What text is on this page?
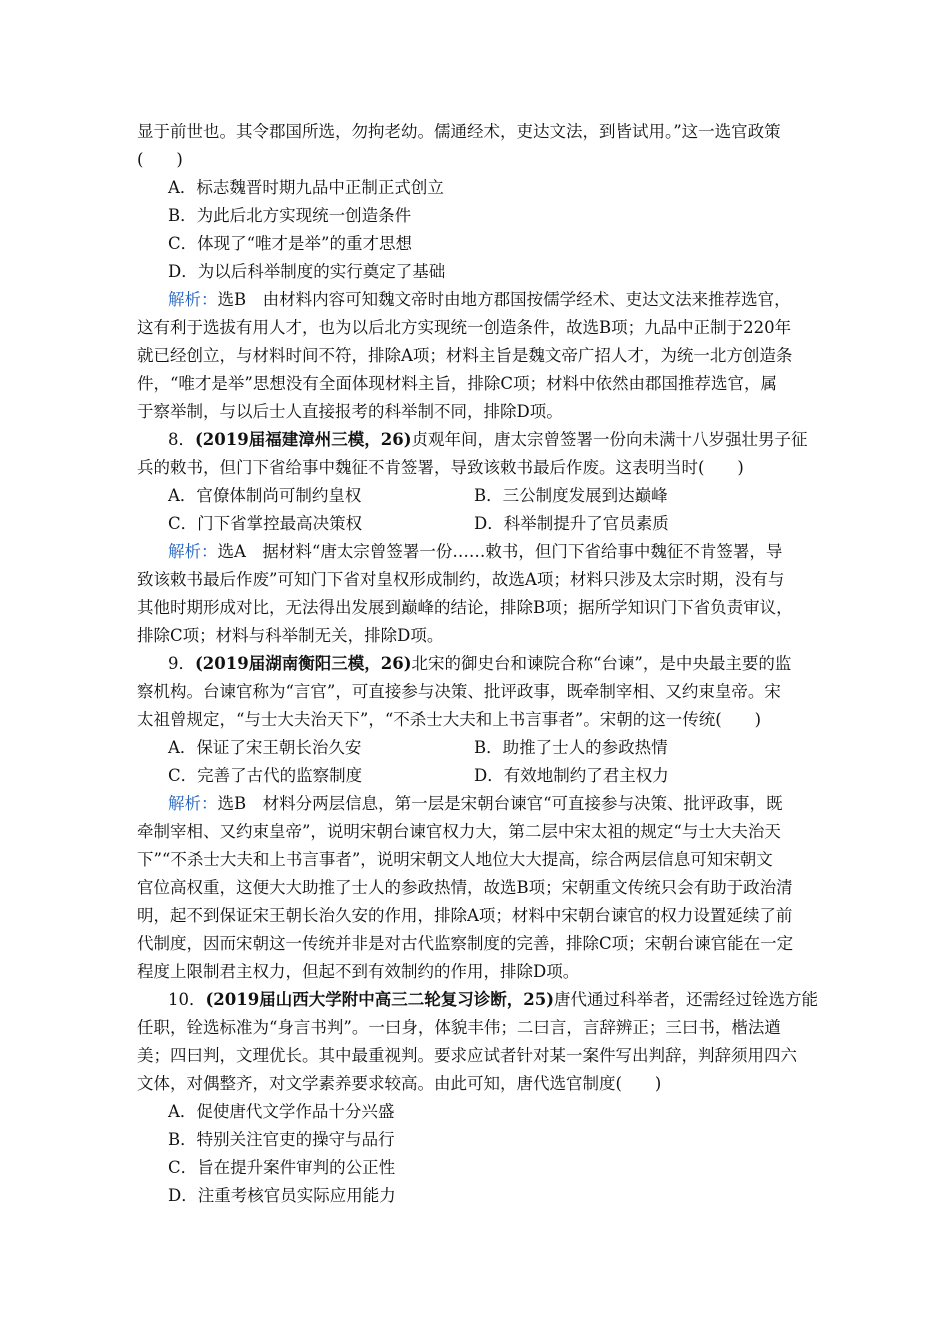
显于前世也。其令郡国所选，勿拘老幼。儒通经术，吏达文法，到皆试用。”这一选官政策
(　　)
A．标志魏晋时期九品中正制正式创立
B．为此后北方实现统一创造条件
C．体现了“唯才是举”的重才思想
D．为以后科举制度的实行奠定了基础
解析：选B　由材料内容可知魏文帝时由地方郡国按儒学经术、吏达文法来推荐选官，
这有利于选拔有用人才，也为以后北方实现统一创造条件，故选B项；九品中正制于220年
就已经创立，与材料时间不符，排除A项；材料主旨是魏文帝广招人才，为统一北方创造条
件，“唯才是举”思想没有全面体现材料主旨，排除C项；材料中依然由郡国推荐选官，属
于察举制，与以后士人直接报考的科举制不同，排除D项。
8．(2019届福建漳州三模，26)贞观年间，唐太宗曾签署一份向未满十八岁强壮男子征
兵的敕书，但门下省给事中魏征不肯签署，导致该敕书最后作废。这表明当时(　　)
A．官僚体制尚可制约皇权	B．三公制度发展到达巅峰
C．门下省掌控最高决策权	D．科举制提升了官员素质
解析：选A　据材料“唐太宗曾签署一份……敕书，但门下省给事中魏征不肯签署，导
致该敕书最后作废”可知门下省对皇权形成制约，故选A项；材料只涉及太宗时期，没有与
其他时期形成对比，无法得出发展到巅峰的结论，排除B项；据所学知识门下省负责审议，
排除C项；材料与科举制无关，排除D项。
9．(2019届湖南衡阳三模，26)北宋的御史台和谏院合称“台谏”，是中央最主要的监
察机构。台谏官称为“言官”，可直接参与决策、批评政事，既牵制宰相、又约束皇帝。宋
太祖曾规定，“与士大夫治天下”，“不杀士大夫和上书言事者”。宋朝的这一传统(　　)
A．保证了宋王朝长治久安	B．助推了士人的参政热情
C．完善了古代的监察制度	D．有效地制约了君主权力
解析：选B　材料分两层信息，第一层是宋朝台谏官“可直接参与决策、批评政事，既
牵制宰相、又约束皇帝”，说明宋朝台谏官权力大，第二层中宋太祖的规定“与士大夫治天
下”“不杀士大夫和上书言事者”，说明宋朝文人地位大大提高，综合两层信息可知宋朝文
官位高权重，这便大大助推了士人的参政热情，故选B项；宋朝重文传统只会有助于政治清
明，起不到保证宋王朝长治久安的作用，排除A项；材料中宋朝台谏官的权力设置延续了前
代制度，因而宋朝这一传统并非是对古代监察制度的完善，排除C项；宋朝台谏官能在一定
程度上限制君主权力，但起不到有效制约的作用，排除D项。
10．(2019届山西大学附中高三二轮复习诊断，25)唐代通过科举者，还需经过铨选方能
任职，铨选标准为“身言书判”。一曰身，体貌丰伟；二曰言，言辞辨正；三曰书，楷法遒
美；四曰判，文理优长。其中最重视判。要求应试者针对某一案件写出判辞，判辞须用四六
文体，对偶整齐，对文学素养要求较高。由此可知，唐代选官制度(　　)
A．促使唐代文学作品十分兴盛
B．特别关注官吏的操守与品行
C．旨在提升案件审判的公正性
D．注重考核官员实际应用能力
